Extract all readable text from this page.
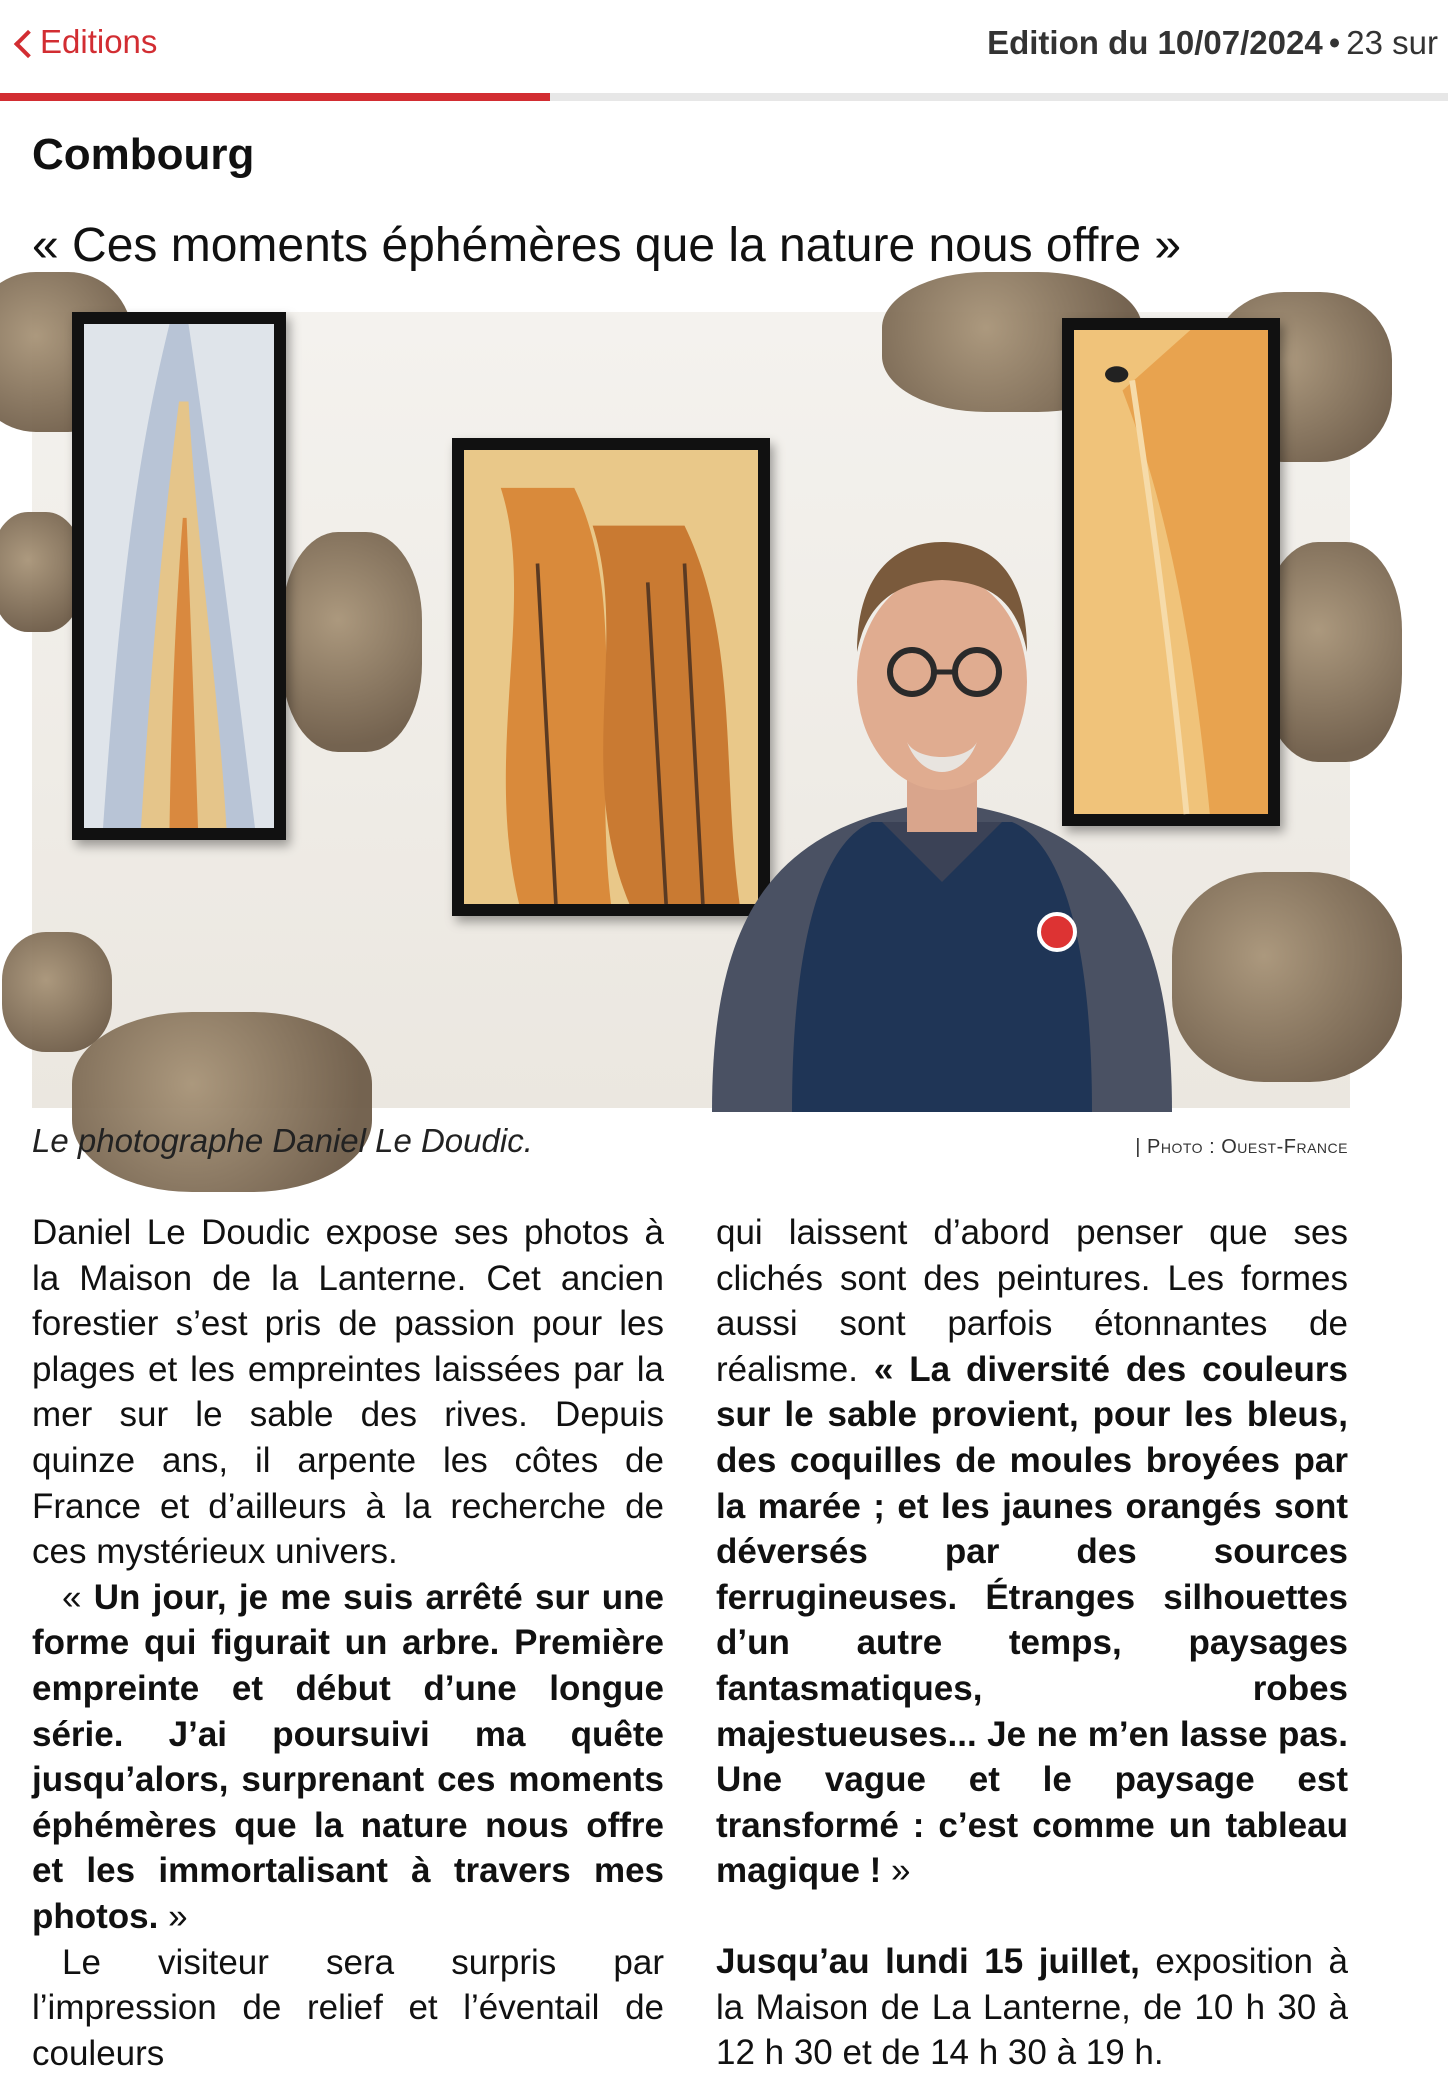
Editions	Edition du 10/07/2024 • 23 sur
Combourg
« Ces moments éphémères que la nature nous offre »
Le photographe Daniel Le Doudic.	| Photo : Ouest-France

Daniel Le Doudic expose ses photos à la Maison de la Lanterne. Cet ancien forestier s’est pris de passion pour les plages et les empreintes laissées par la mer sur le sable des rives. Depuis quinze ans, il arpente les côtes de France et d’ailleurs à la recherche de ces mystérieux univers.

« Un jour, je me suis arrêté sur une forme qui figurait un arbre. Première empreinte et début d’une longue série. J’ai poursuivi ma quête jusqu’alors, surprenant ces moments éphémères que la nature nous offre et les immortalisant à travers mes photos. »

Le visiteur sera surpris par l’impression de relief et l’éventail de couleurs

qui laissent d’abord penser que ses clichés sont des peintures. Les formes aussi sont parfois étonnantes de réalisme. « La diversité des couleurs sur le sable provient, pour les bleus, des coquilles de moules broyées par la marée ; et les jaunes orangés sont déversés par des sources ferrugineuses. Étranges silhouettes d’un autre temps, paysages fantasmatiques, robes majestueuses... Je ne m’en lasse pas. Une vague et le paysage est transformé : c’est comme un tableau magique ! »

Jusqu’au lundi 15 juillet, exposition à la Maison de La Lanterne, de 10 h 30 à 12 h 30 et de 14 h 30 à 19 h.
